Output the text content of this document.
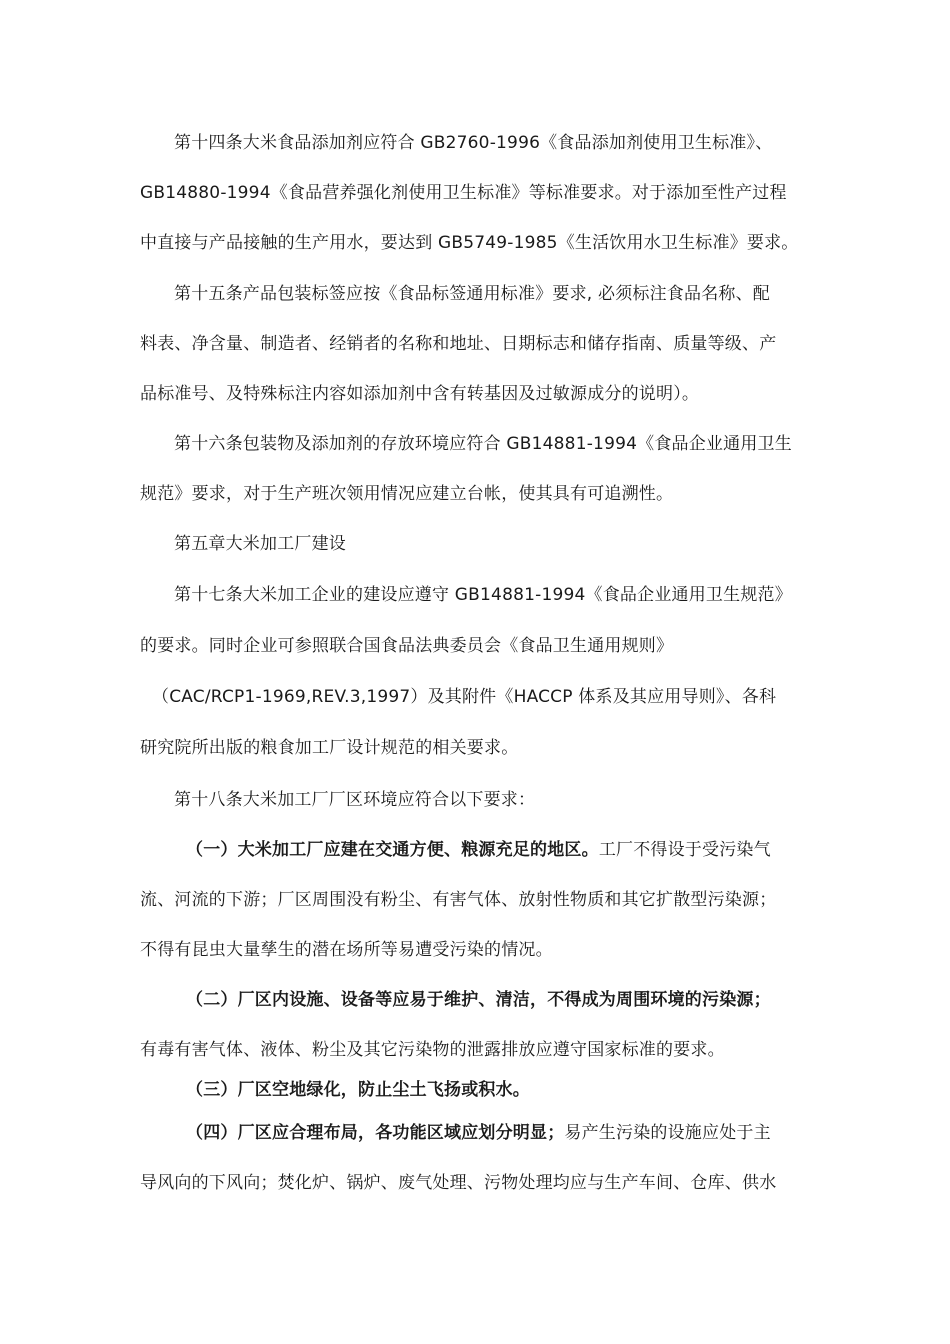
第十四条大米食品添加剂应符合 GB2760-1996《食品添加剂使用卫生标准》、
GB14880-1994《食品营养强化剂使用卫生标准》等标准要求。对于添加至性产过程
中直接与产品接触的生产用水，要达到 GB5749-1985《生活饮用水卫生标准》要求。
第十五条产品包装标签应按《食品标签通用标准》要求, 必须标注食品名称、配
料表、净含量、制造者、经销者的名称和地址、日期标志和储存指南、质量等级、产
品标准号、及特殊标注内容如添加剂中含有转基因及过敏源成分的说明）。
第十六条包装物及添加剂的存放环境应符合 GB14881-1994《食品企业通用卫生
规范》要求，对于生产班次领用情况应建立台帐，使其具有可追溯性。
第五章大米加工厂建设
第十七条大米加工企业的建设应遵守 GB14881-1994《食品企业通用卫生规范》
的要求。同时企业可参照联合国食品法典委员会《食品卫生通用规则》
（CAC/RCP1-1969,REV.3,1997）及其附件《HACCP 体系及其应用导则》、各科
研究院所出版的粮食加工厂设计规范的相关要求。
第十八条大米加工厂厂区环境应符合以下要求：
（一）大米加工厂应建在交通方便、粮源充足的地区。工厂不得设于受污染气
流、河流的下游；厂区周围没有粉尘、有害气体、放射性物质和其它扩散型污染源；
不得有昆虫大量孳生的潜在场所等易遭受污染的情况。
（二）厂区内设施、设备等应易于维护、清洁，不得成为周围环境的污染源；
有毒有害气体、液体、粉尘及其它污染物的泄露排放应遵守国家标准的要求。
（三）厂区空地绿化，防止尘土飞扬或积水。
（四）厂区应合理布局，各功能区域应划分明显；易产生污染的设施应处于主
导风向的下风向；焚化炉、锅炉、废气处理、污物处理均应与生产车间、仓库、供水
